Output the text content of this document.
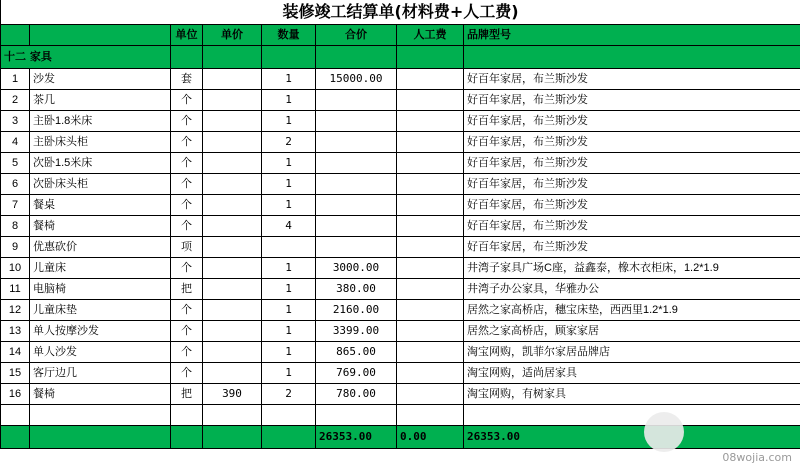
装修竣工结算单(材料费+人工费)							
		单位	单价	数量	合价	人工费	品牌型号
十二 家具							
1	沙发	套		1	15000.00		好百年家居，布兰斯沙发
2	茶几	个		1			好百年家居，布兰斯沙发
3	主卧1.8米床	个		1			好百年家居，布兰斯沙发
4	主卧床头柜	个		2			好百年家居，布兰斯沙发
5	次卧1.5米床	个		1			好百年家居，布兰斯沙发
6	次卧床头柜	个		1			好百年家居，布兰斯沙发
7	餐桌	个		1			好百年家居，布兰斯沙发
8	餐椅	个		4			好百年家居，布兰斯沙发
9	优惠砍价	项					好百年家居，布兰斯沙发
10	儿童床	个		1	3000.00		井湾子家具广场C座，益鑫泰，橡木衣柜床，1.2*1.9
11	电脑椅	把		1	380.00		井湾子办公家具，华雅办公
12	儿童床垫	个		1	2160.00		居然之家高桥店，穗宝床垫，西西里1.2*1.9
13	单人按摩沙发	个		1	3399.00		居然之家高桥店，顾家家居
14	单人沙发	个		1	865.00		淘宝网购，凯菲尔家居品牌店
15	客厅边几	个		1	769.00		淘宝网购，适尚居家具
16	餐椅	把	390	2	780.00		淘宝网购，有树家具

					26353.00	0.00	26353.00
08wojia.com
